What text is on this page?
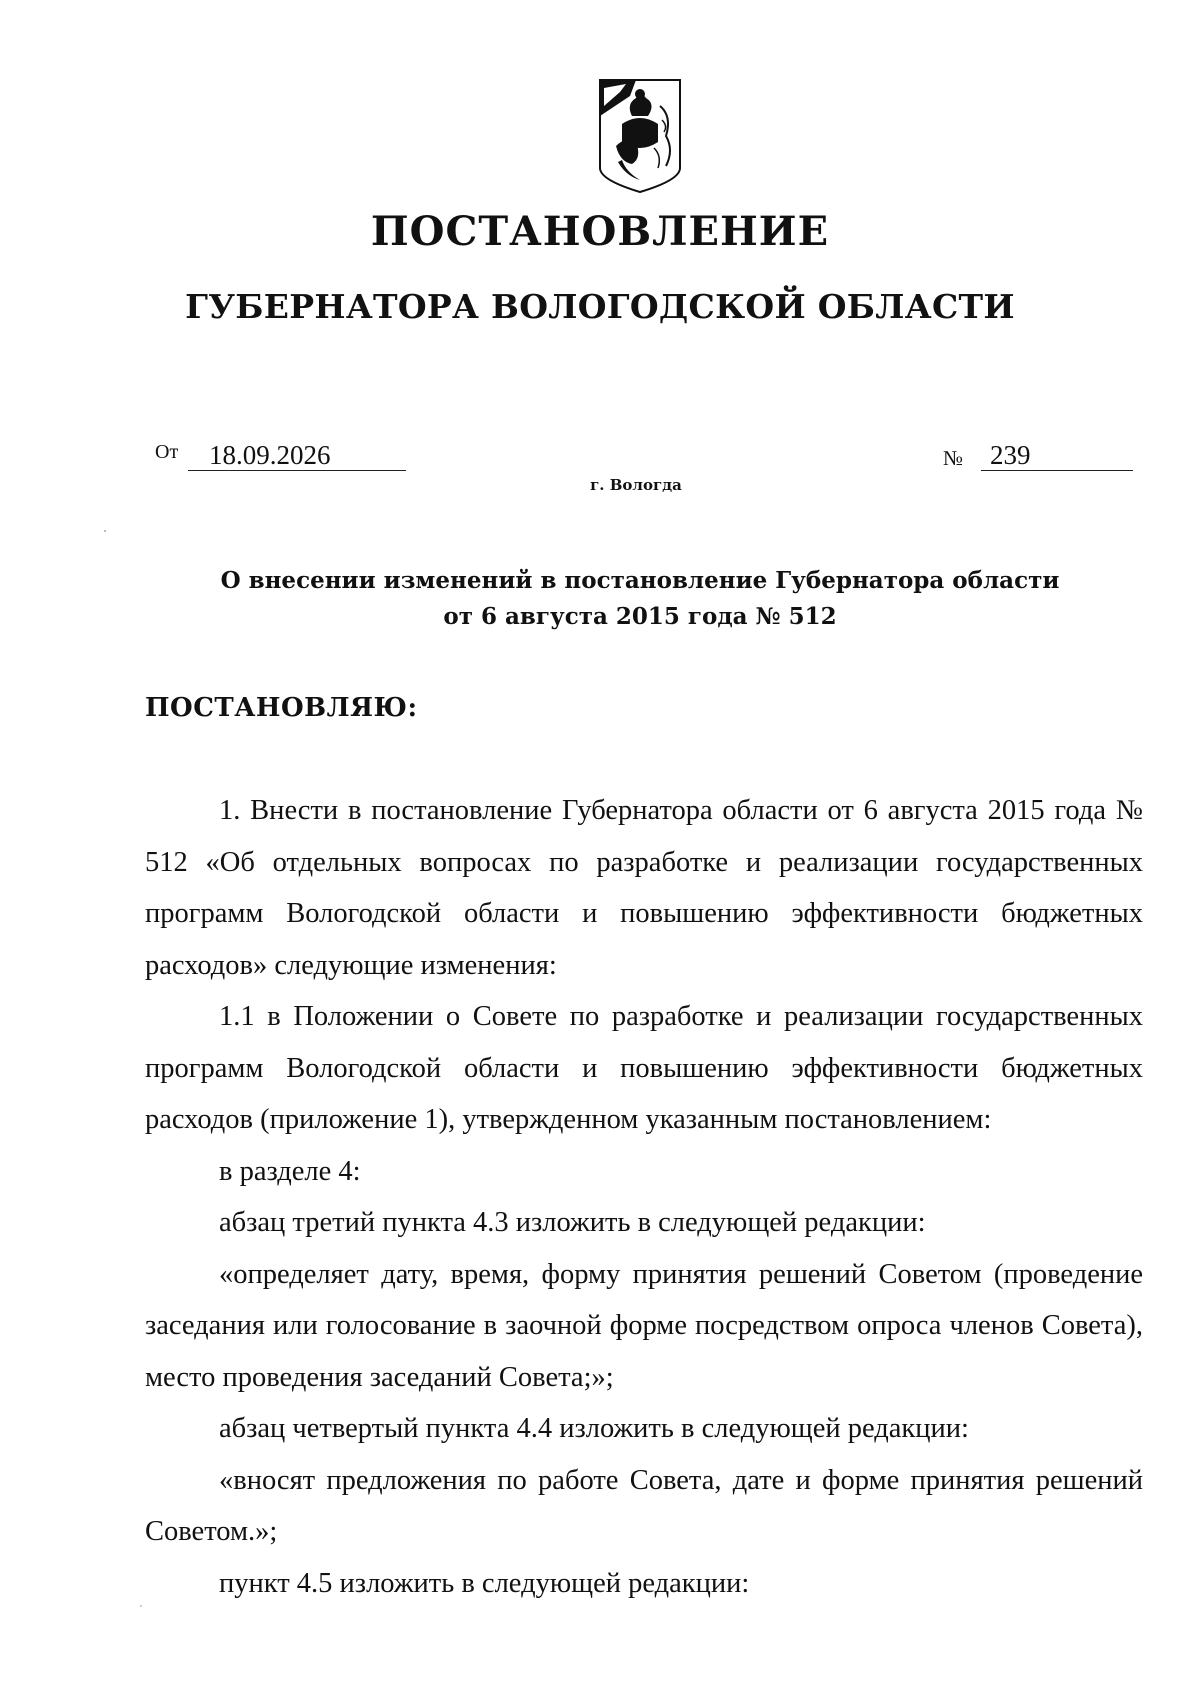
ПОСТАНОВЛЕНИЕ
ГУБЕРНАТОРА ВОЛОГОДСКОЙ ОБЛАСТИ
От 18.09.2026	№ 239
г. Вологда
О внесении изменений в постановление Губернатора области
от 6 августа 2015 года № 512
ПОСТАНОВЛЯЮ:

1. Внести в постановление Губернатора области от 6 августа 2015 года № 512 «Об отдельных вопросах по разработке и реализации государственных программ Вологодской области и повышению эффективности бюджетных расходов» следующие изменения:

1.1 в Положении о Совете по разработке и реализации государственных программ Вологодской области и повышению эффективности бюджетных расходов (приложение 1), утвержденном указанным постановлением:

в разделе 4:

абзац третий пункта 4.3 изложить в следующей редакции:

«определяет дату, время, форму принятия решений Советом (проведение заседания или голосование в заочной форме посредством опроса членов Совета), место проведения заседаний Совета;»;

абзац четвертый пункта 4.4 изложить в следующей редакции:

«вносят предложения по работе Совета, дате и форме принятия решений Советом.»;

пункт 4.5 изложить в следующей редакции:
